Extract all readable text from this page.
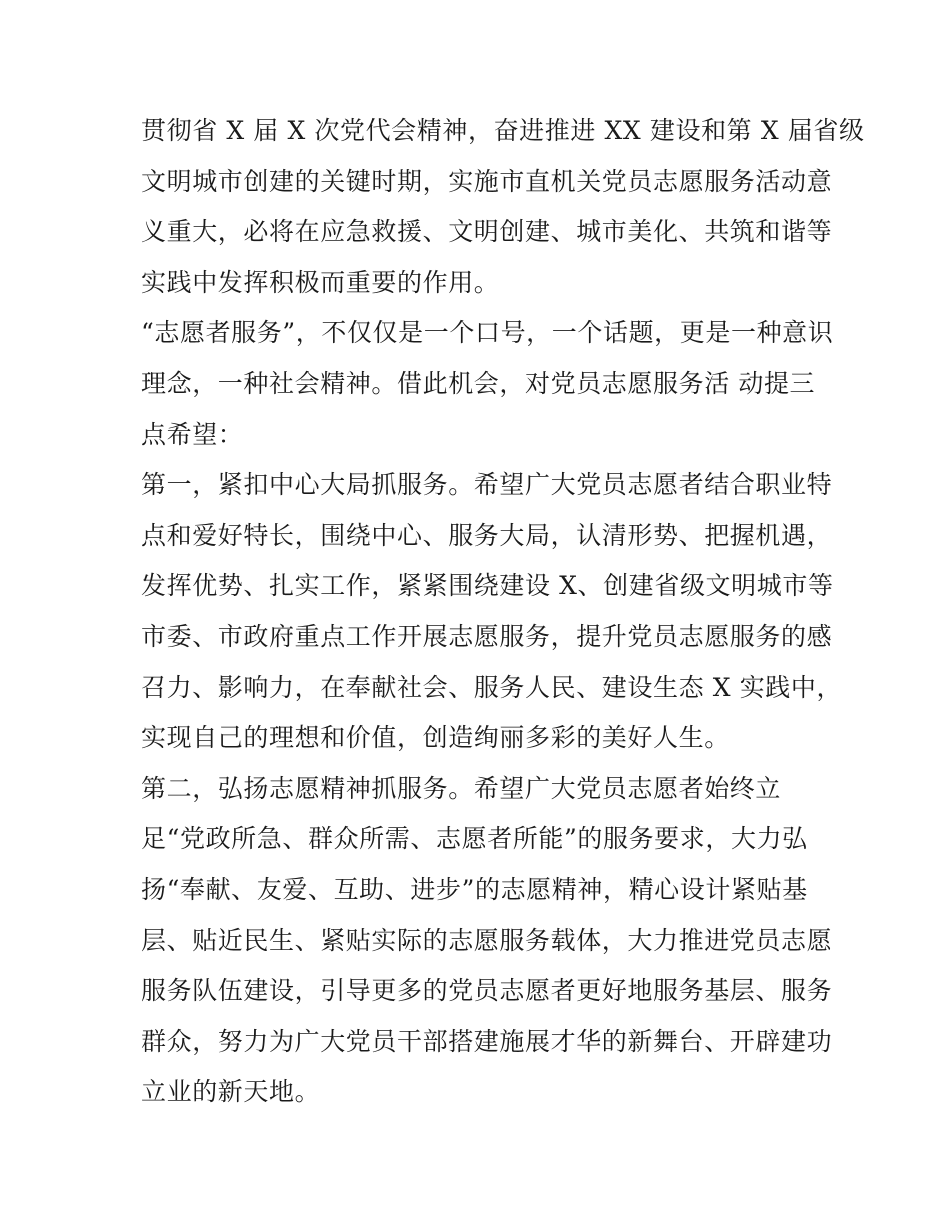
贯彻省 X 届 X 次党代会精神，奋进推进 XX 建设和第 X 届省级
文明城市创建的关键时期，实施市直机关党员志愿服务活动意
义重大，必将在应急救援、文明创建、城市美化、共筑和谐等
实践中发挥积极而重要的作用。
“志愿者服务”，不仅仅是一个口号，一个话题，更是一种意识
理念，一种社会精神。借此机会，对党员志愿服务活 动提三
点希望：
第一，紧扣中心大局抓服务。希望广大党员志愿者结合职业特
点和爱好特长，围绕中心、服务大局，认清形势、把握机遇，
发挥优势、扎实工作，紧紧围绕建设 X、创建省级文明城市等
市委、市政府重点工作开展志愿服务，提升党员志愿服务的感
召力、影响力，在奉献社会、服务人民、建设生态 X 实践中，
实现自己的理想和价值，创造绚丽多彩的美好人生。
第二，弘扬志愿精神抓服务。希望广大党员志愿者始终立
足“党政所急、群众所需、志愿者所能”的服务要求，大力弘
扬“奉献、友爱、互助、进步”的志愿精神，精心设计紧贴基
层、贴近民生、紧贴实际的志愿服务载体，大力推进党员志愿
服务队伍建设，引导更多的党员志愿者更好地服务基层、服务
群众，努力为广大党员干部搭建施展才华的新舞台、开辟建功
立业的新天地。
